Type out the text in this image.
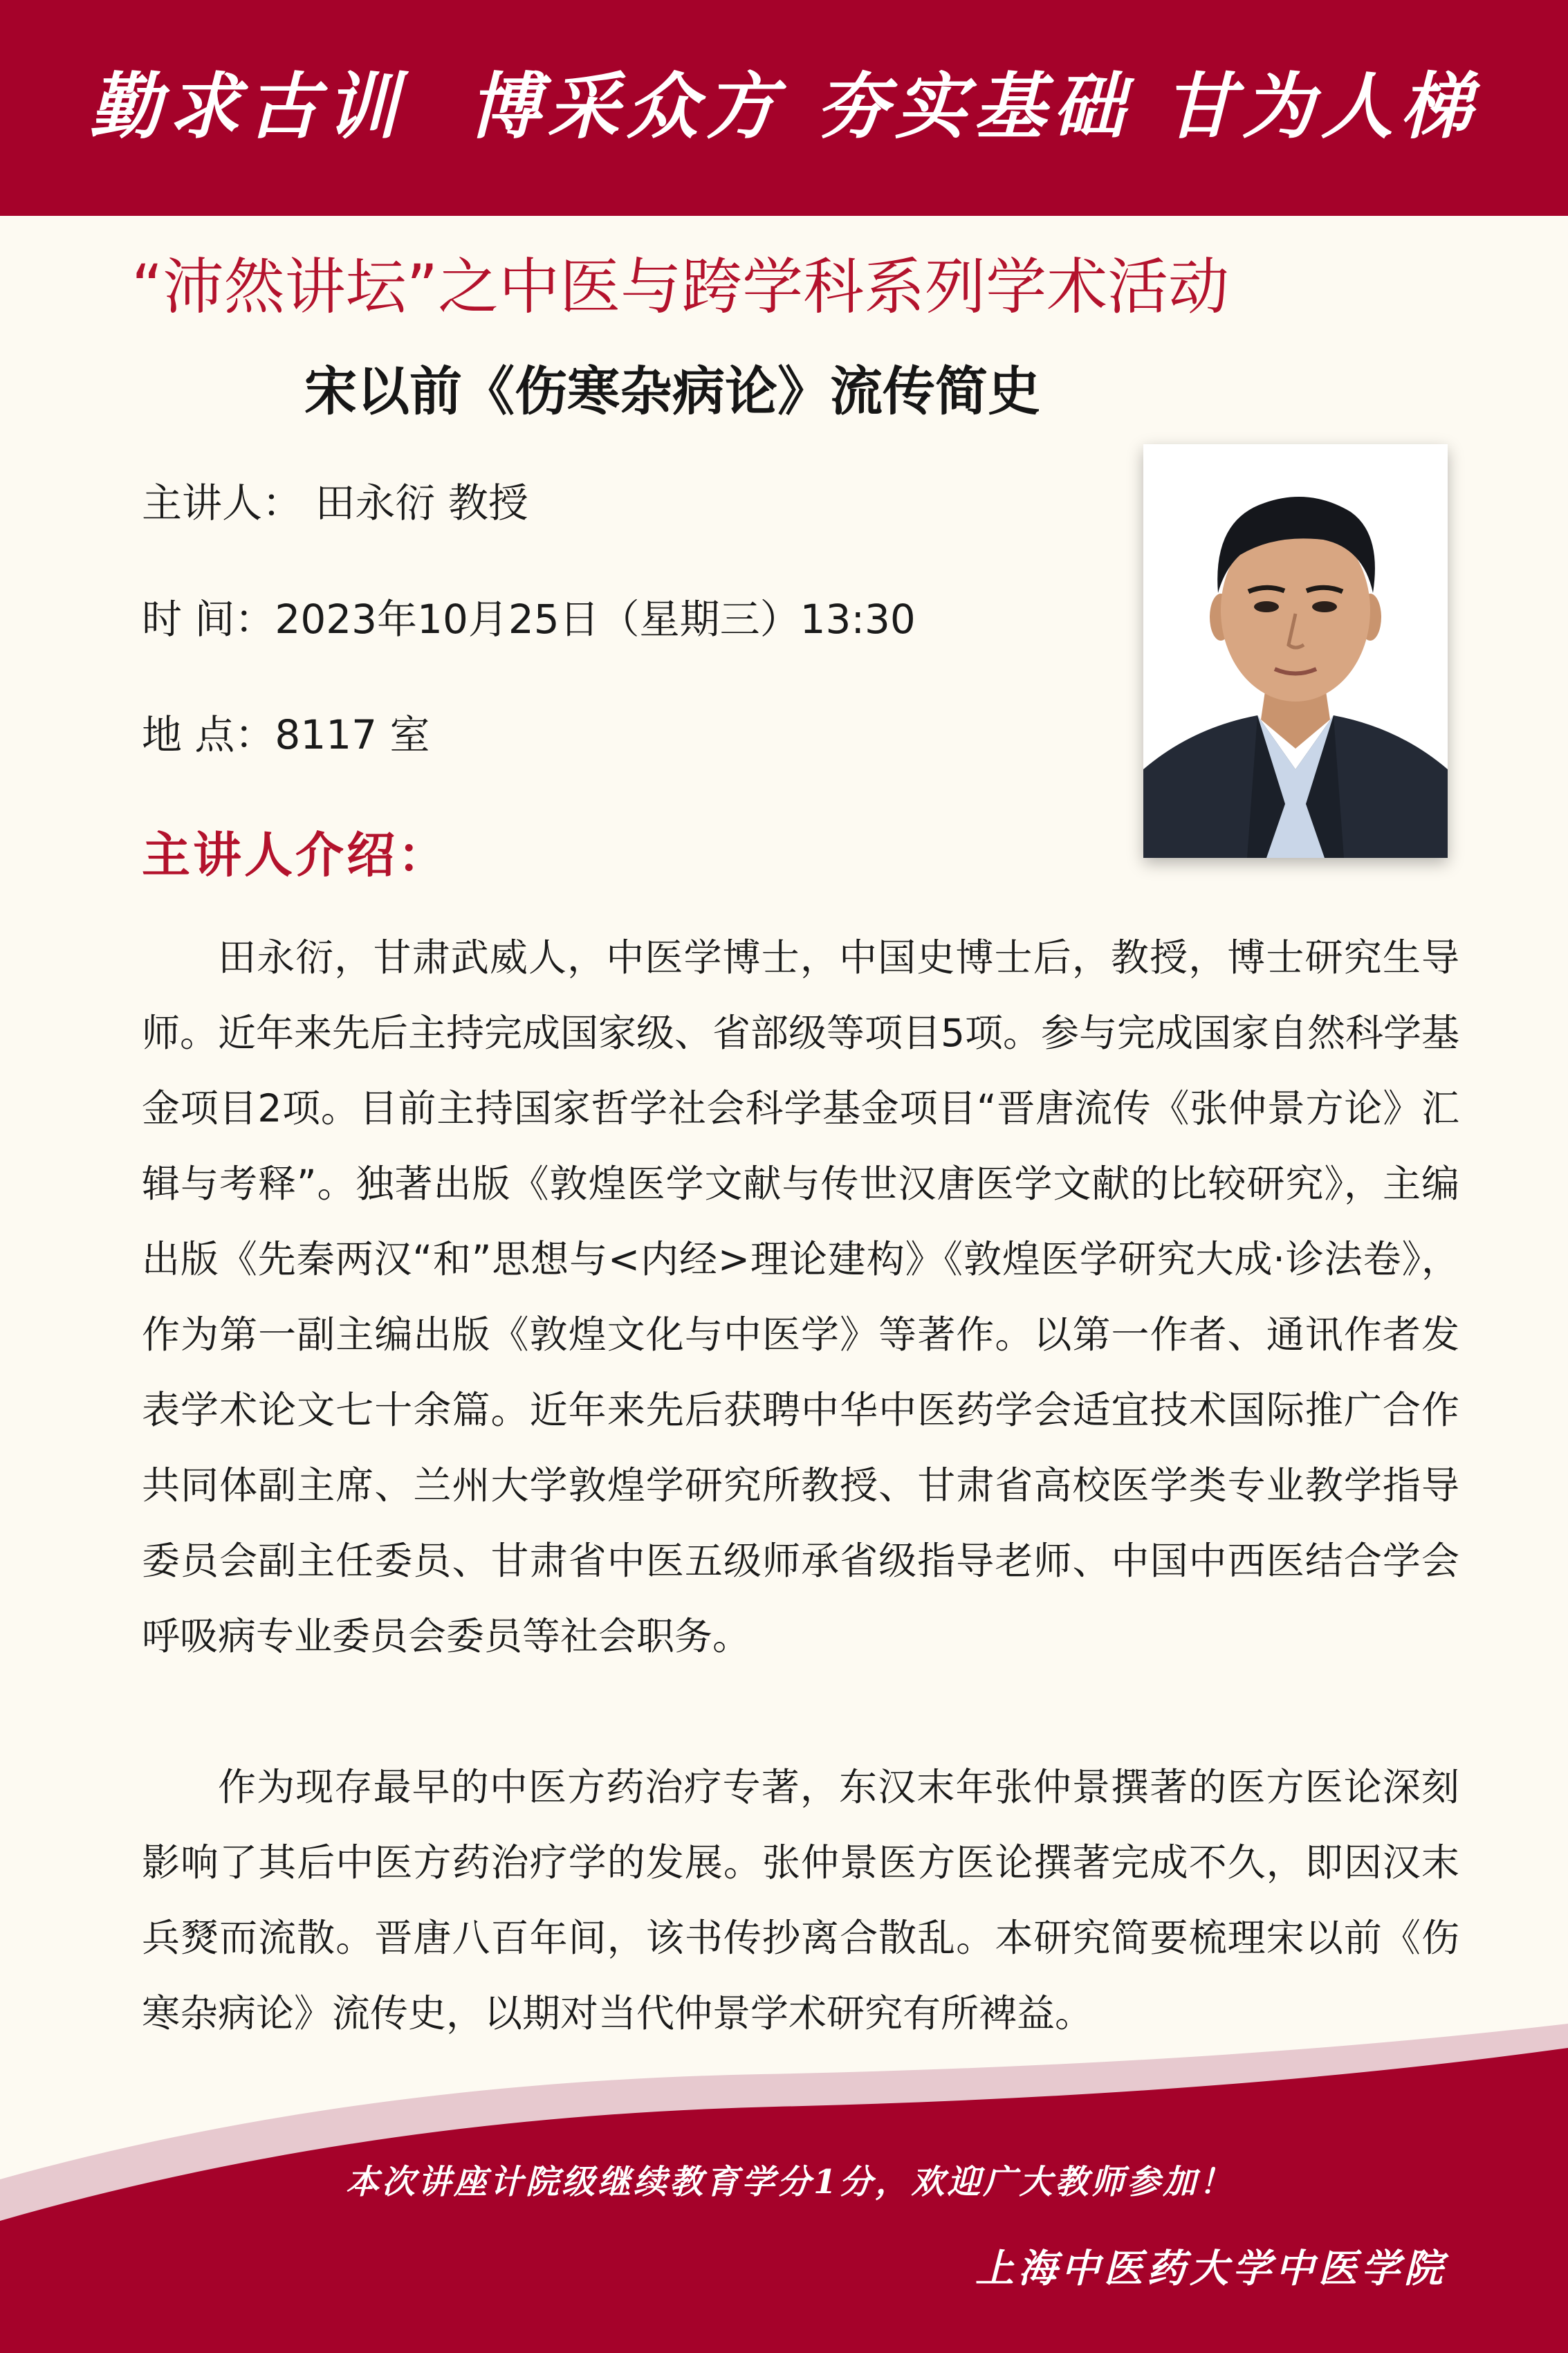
勤求古训  博采众方 夯实基础 甘为人梯
“沛然讲坛”之中医与跨学科系列学术活动
宋以前《伤寒杂病论》流传简史
主讲人： 田永衍 教授
时 间：2023年10月25日（星期三）13:30
地 点：8117 室
主讲人介绍：

田永衍，甘肃武威人，中医学博士，中国史博士后，教授，博士研究生导师。近年来先后主持完成国家级、省部级等项目5项。参与完成国家自然科学基金项目2项。目前主持国家哲学社会科学基金项目“晋唐流传《张仲景方论》汇辑与考释”。独著出版《敦煌医学文献与传世汉唐医学文献的比较研究》，主编出版《先秦两汉“和”思想与<内经>理论建构》《敦煌医学研究大成·诊法卷》，作为第一副主编出版《敦煌文化与中医学》等著作。以第一作者、通讯作者发表学术论文七十余篇。近年来先后获聘中华中医药学会适宜技术国际推广合作共同体副主席、兰州大学敦煌学研究所教授、甘肃省高校医学类专业教学指导委员会副主任委员、甘肃省中医五级师承省级指导老师、中国中西医结合学会呼吸病专业委员会委员等社会职务。

作为现存最早的中医方药治疗专著，东汉末年张仲景撰著的医方医论深刻影响了其后中医方药治疗学的发展。张仲景医方医论撰著完成不久，即因汉末兵燹而流散。晋唐八百年间，该书传抄离合散乱。本研究简要梳理宋以前《伤寒杂病论》流传史，以期对当代仲景学术研究有所裨益。

本次讲座计院级继续教育学分1分，欢迎广大教师参加！
上海中医药大学中医学院
